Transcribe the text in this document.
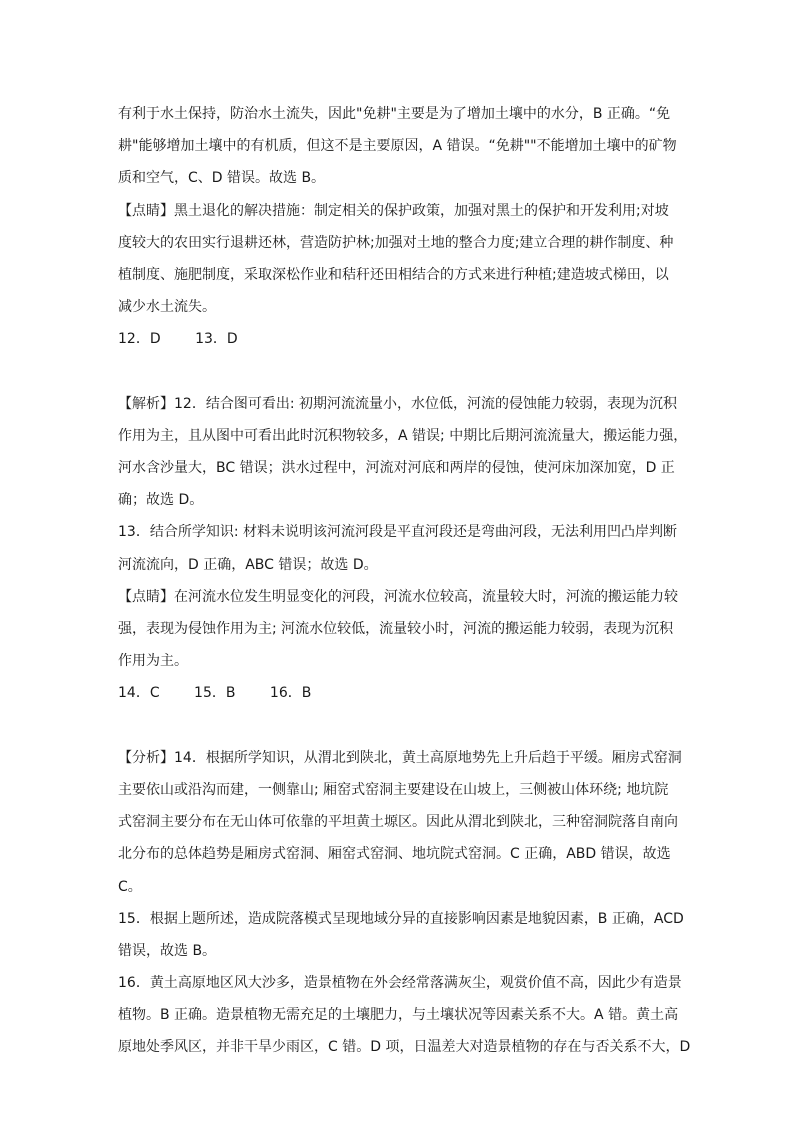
有利于水土保持，防治水土流失，因此"免耕"主要是为了增加土壤中的水分，B 正确。“免
耕"能够增加土壤中的有机质，但这不是主要原因，A 错误。“免耕""不能增加土壤中的矿物
质和空气，C、D 错误。故选 B。
【点睛】黑土退化的解决措施：制定相关的保护政策，加强对黑土的保护和开发利用;对坡
度较大的农田实行退耕还林，营造防护林;加强对土地的整合力度;建立合理的耕作制度、种
植制度、施肥制度，采取深松作业和秸秆还田相结合的方式来进行种植;建造坡式梯田，以
减少水土流失。
12．D 13．D
【解析】12．结合图可看出: 初期河流流量小，水位低，河流的侵蚀能力较弱，表现为沉积
作用为主，且从图中可看出此时沉积物较多，A 错误; 中期比后期河流流量大，搬运能力强，
河水含沙量大，BC 错误；洪水过程中，河流对河底和两岸的侵蚀，使河床加深加宽，D 正
确；故选 D。
13．结合所学知识: 材料未说明该河流河段是平直河段还是弯曲河段，无法利用凹凸岸判断
河流流向，D 正确，ABC 错误；故选 D。
【点睛】在河流水位发生明显变化的河段，河流水位较高，流量较大时，河流的搬运能力较
强，表现为侵蚀作用为主; 河流水位较低，流量较小时，河流的搬运能力较弱，表现为沉积
作用为主。
14．C 15．B 16．B
【分析】14．根据所学知识，从渭北到陕北，黄土高原地势先上升后趋于平缓。厢房式窑洞
主要依山或沿沟而建，一侧靠山; 厢窑式窑洞主要建设在山坡上，三侧被山体环绕; 地坑院
式窑洞主要分布在无山体可依靠的平坦黄土塬区。因此从渭北到陕北，三种窑洞院落自南向
北分布的总体趋势是厢房式窑洞、厢窑式窑洞、地坑院式窑洞。C 正确，ABD 错误，故选
C。
15．根据上题所述，造成院落模式呈现地域分异的直接影响因素是地貌因素，B 正确，ACD
错误，故选 B。
16．黄土高原地区风大沙多，造景植物在外会经常落满灰尘，观赏价值不高，因此少有造景
植物。B 正确。造景植物无需充足的土壤肥力，与土壤状况等因素关系不大。A 错。黄土高
原地处季风区，并非干旱少雨区，C 错。D 项，日温差大对造景植物的存在与否关系不大，D
